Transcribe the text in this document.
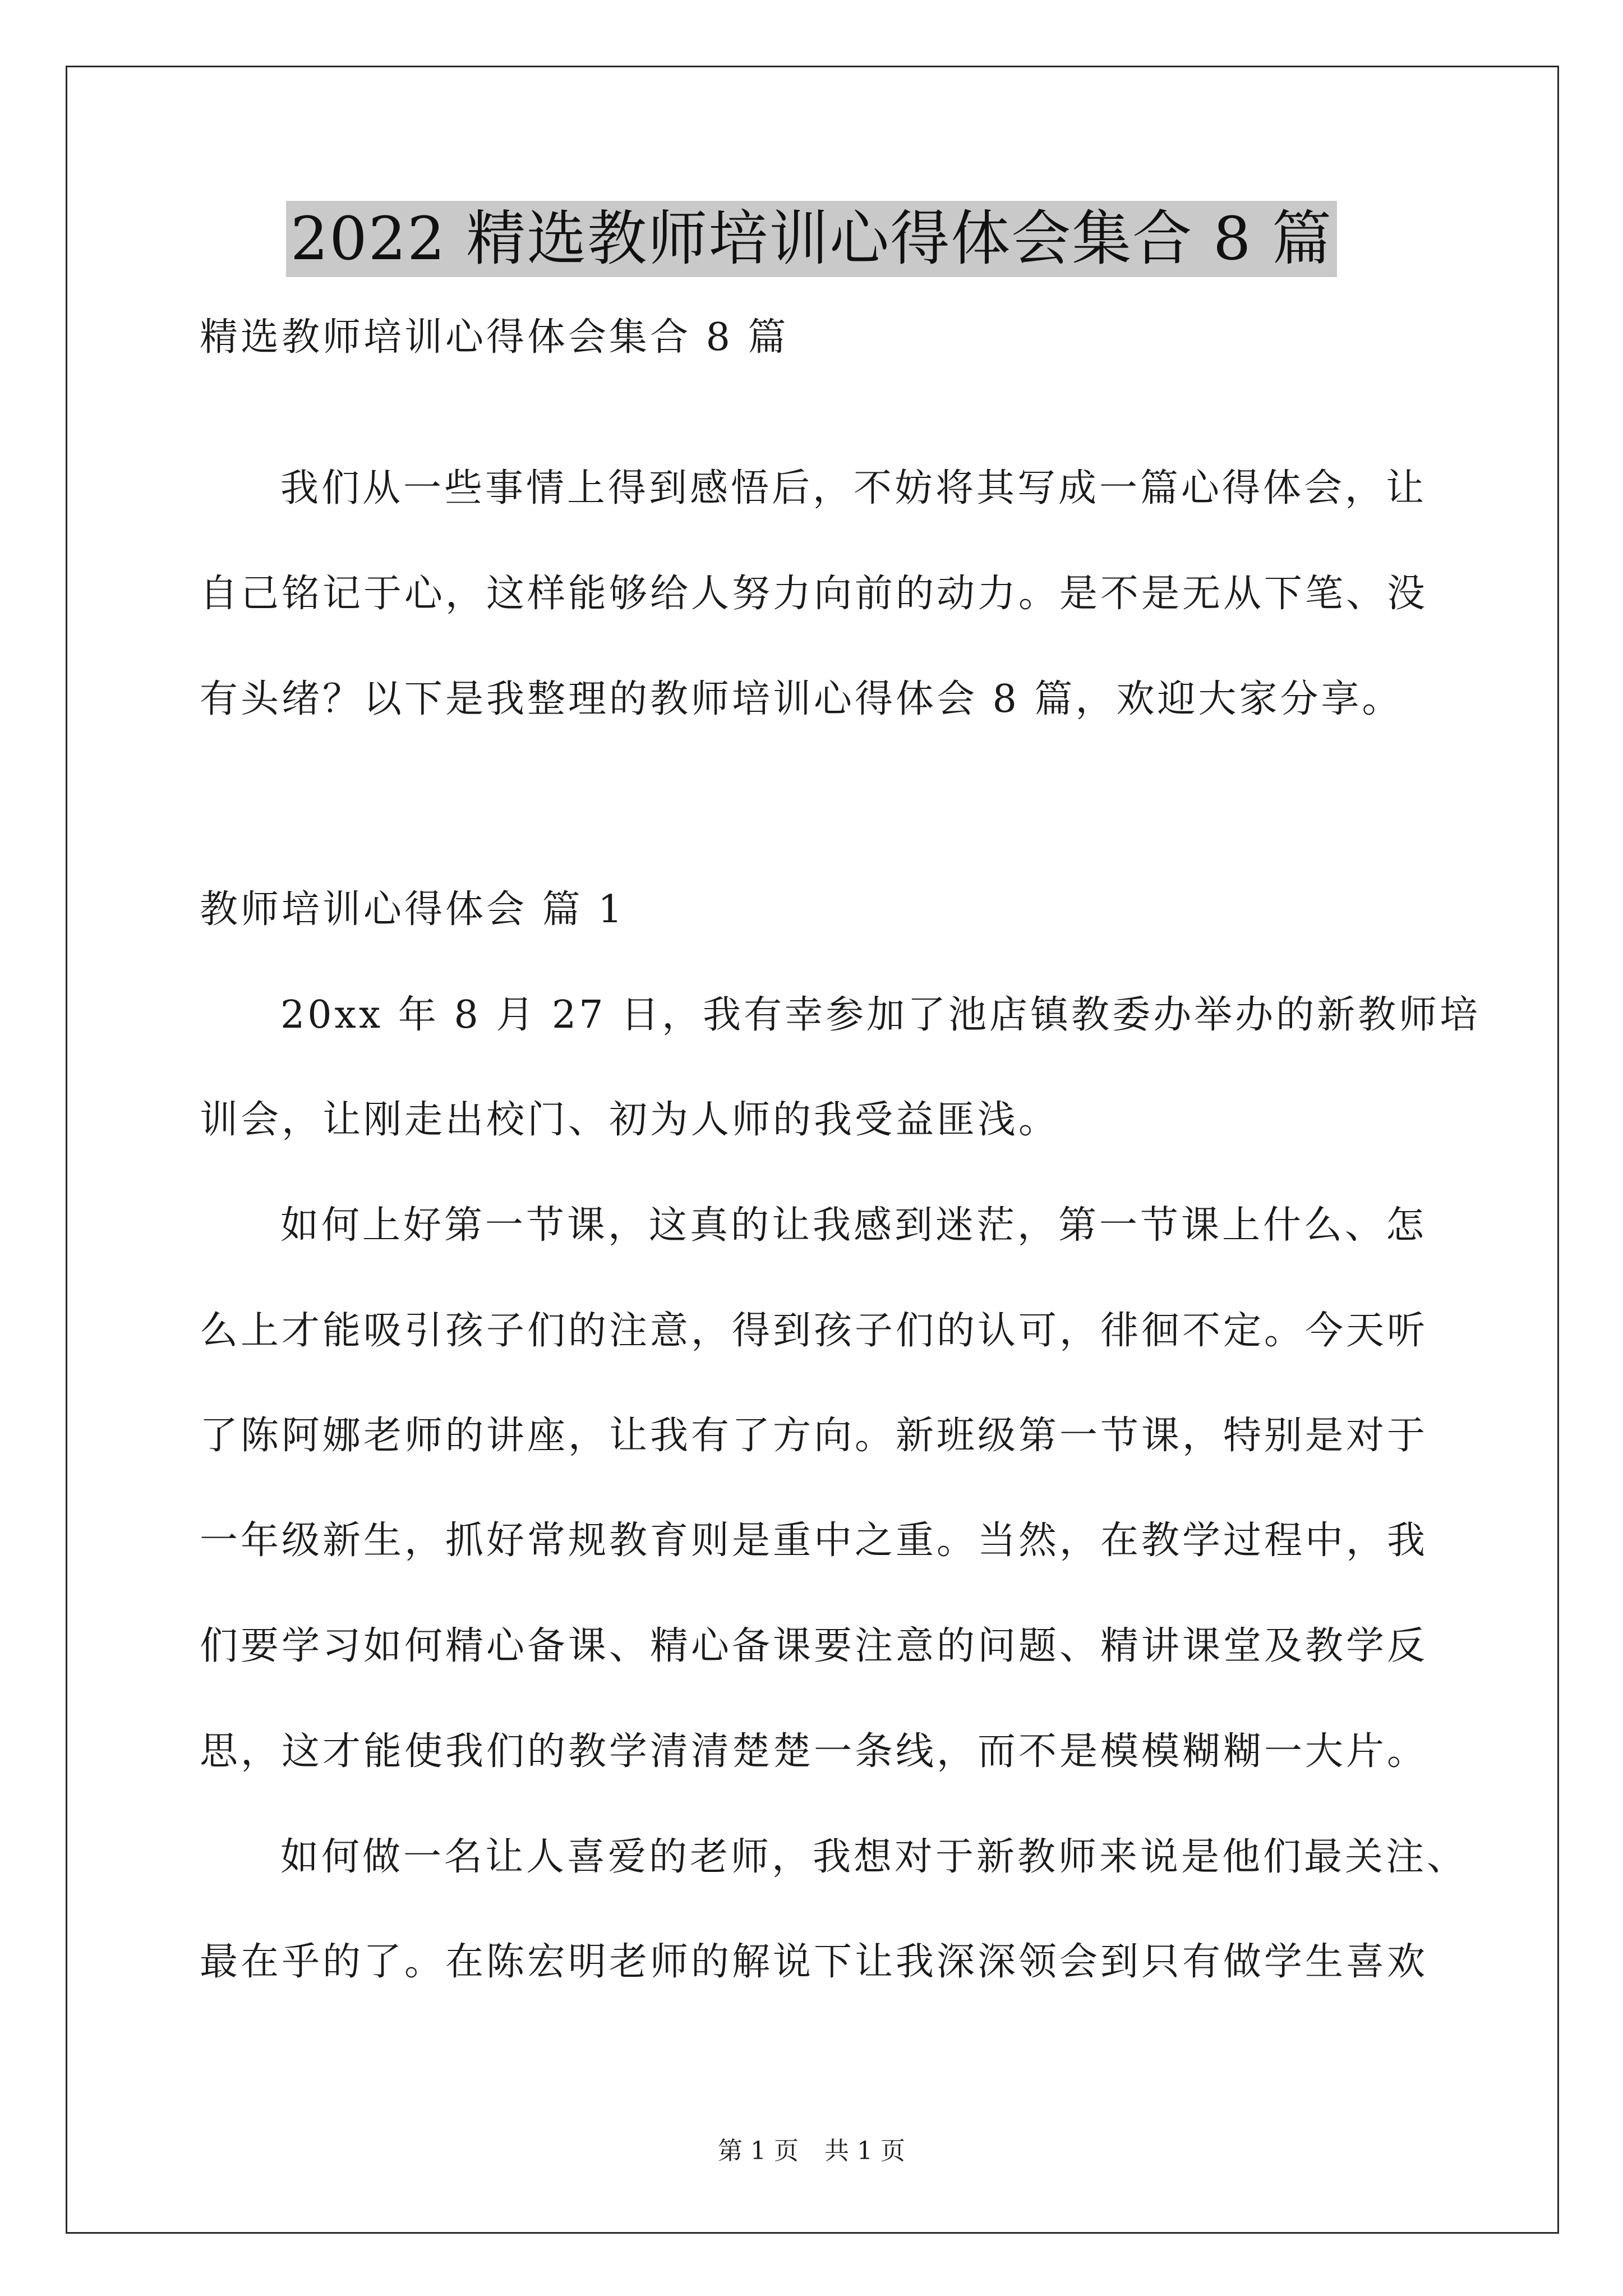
2022 精选教师培训心得体会集合 8 篇
精选教师培训心得体会集合 8 篇
我们从一些事情上得到感悟后，不妨将其写成一篇心得体会，让
自己铭记于心，这样能够给人努力向前的动力。是不是无从下笔、没
有头绪？以下是我整理的教师培训心得体会 8 篇，欢迎大家分享。
教师培训心得体会 篇 1
20xx 年 8 月 27 日，我有幸参加了池店镇教委办举办的新教师培
训会，让刚走出校门、初为人师的我受益匪浅。
如何上好第一节课，这真的让我感到迷茫，第一节课上什么、怎
么上才能吸引孩子们的注意，得到孩子们的认可，徘徊不定。今天听
了陈阿娜老师的讲座，让我有了方向。新班级第一节课，特别是对于
一年级新生，抓好常规教育则是重中之重。当然，在教学过程中，我
们要学习如何精心备课、精心备课要注意的问题、精讲课堂及教学反
思，这才能使我们的教学清清楚楚一条线，而不是模模糊糊一大片。
如何做一名让人喜爱的老师，我想对于新教师来说是他们最关注、
最在乎的了。在陈宏明老师的解说下让我深深领会到只有做学生喜欢
第 1 页 共 1 页
